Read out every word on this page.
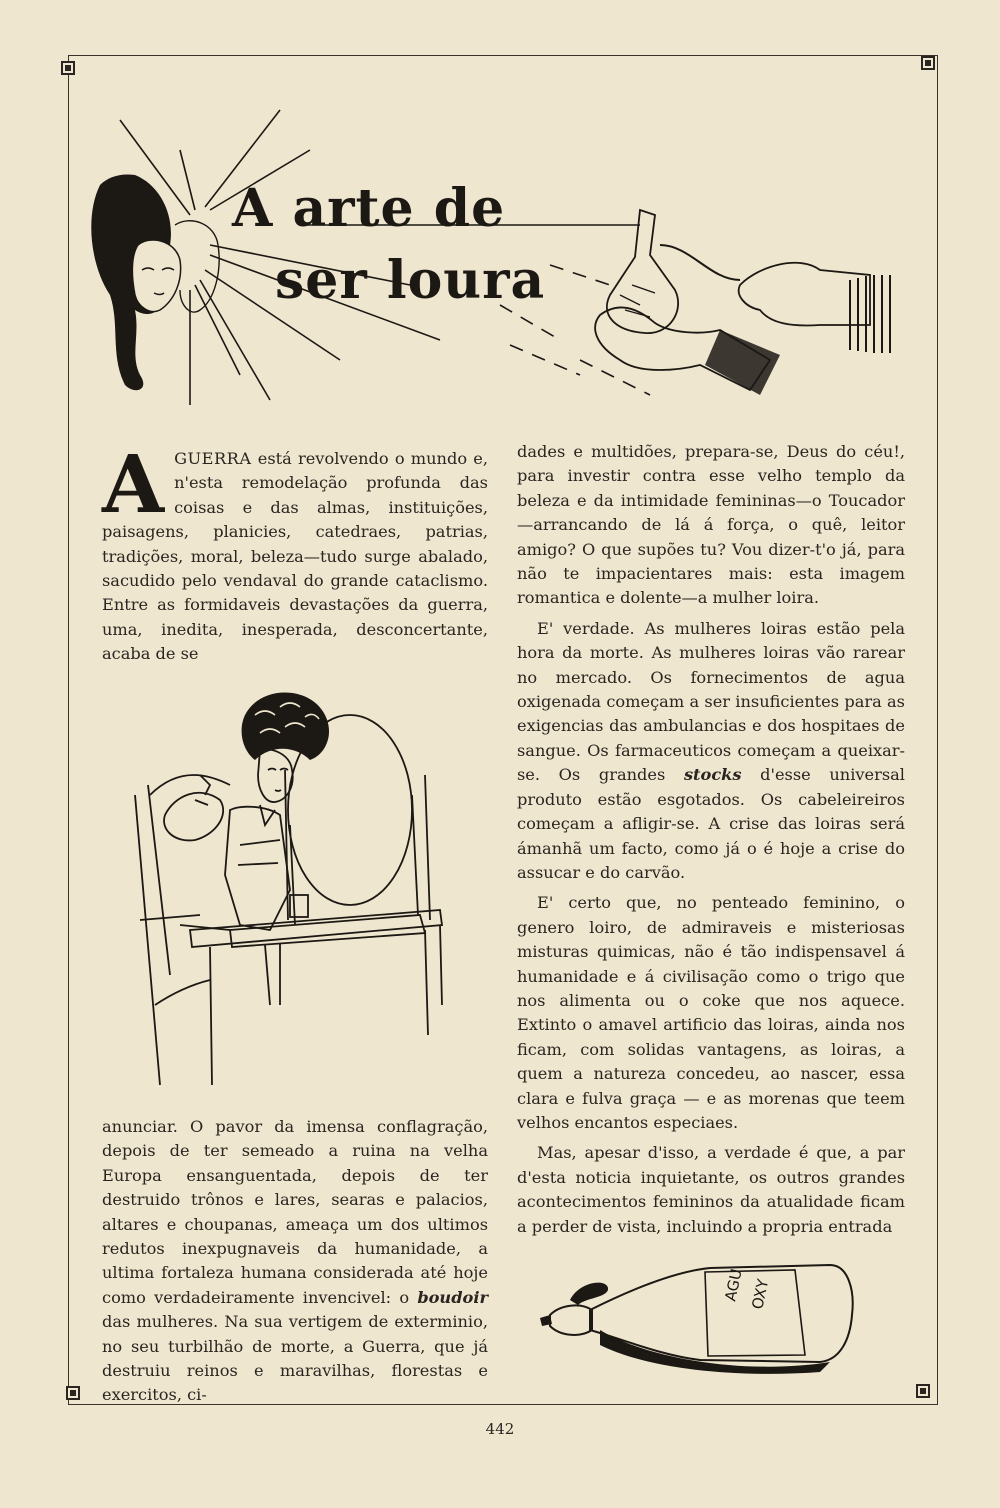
A arte de
ser loura

AGUERRA está revolvendo o mundo e, n'esta remodelação profunda das coisas e das almas, instituições, paisagens, planicies, catedraes, patrias, tradições, moral, beleza—tudo surge abalado, sacudido pelo vendaval do grande cataclismo. Entre as formidaveis devastações da guerra, uma, inedita, inesperada, desconcertante, acaba de se

anunciar. O pavor da imensa conflagração, depois de ter semeado a ruina na velha Europa ensanguentada, depois de ter destruido trônos e lares, searas e palacios, altares e choupanas, ameaça um dos ultimos redutos inexpugnaveis da humanidade, a ultima fortaleza humana considerada até hoje como verdadeiramente invencivel: o boudoir das mulheres. Na sua vertigem de exterminio, no seu turbilhão de morte, a Guerra, que já destruiu reinos e maravilhas, florestas e exercitos, ci-

dades e multidões, prepara-se, Deus do céu!, para investir contra esse velho templo da beleza e da intimidade femininas—o Toucador—arrancando de lá á força, o quê, leitor amigo? O que supões tu? Vou dizer-t'o já, para não te impacientares mais: esta imagem romantica e dolente—a mulher loira.

E' verdade. As mulheres loiras estão pela hora da morte. As mulheres loiras vão rarear no mercado. Os fornecimentos de agua oxigenada começam a ser insuficientes para as exigencias das ambulancias e dos hospitaes de sangue. Os farmaceuticos começam a queixar-se. Os grandes stocks d'esse universal produto estão esgotados. Os cabeleireiros começam a afligir-se. A crise das loiras será ámanhã um facto, como já o é hoje a crise do assucar e do carvão.

E' certo que, no penteado feminino, o genero loiro, de admiraveis e misteriosas misturas quimicas, não é tão indispensavel á humanidade e á civilisação como o trigo que nos alimenta ou o coke que nos aquece. Extinto o amavel artificio das loiras, ainda nos ficam, com solidas vantagens, as loiras, a quem a natureza concedeu, ao nascer, essa clara e fulva graça — e as morenas que teem velhos encantos especiaes.

Mas, apesar d'isso, a verdade é que, a par d'esta noticia inquietante, os outros grandes acontecimentos femininos da atualidade ficam a perder de vista, incluindo a propria entrada

AGU OXY
442
